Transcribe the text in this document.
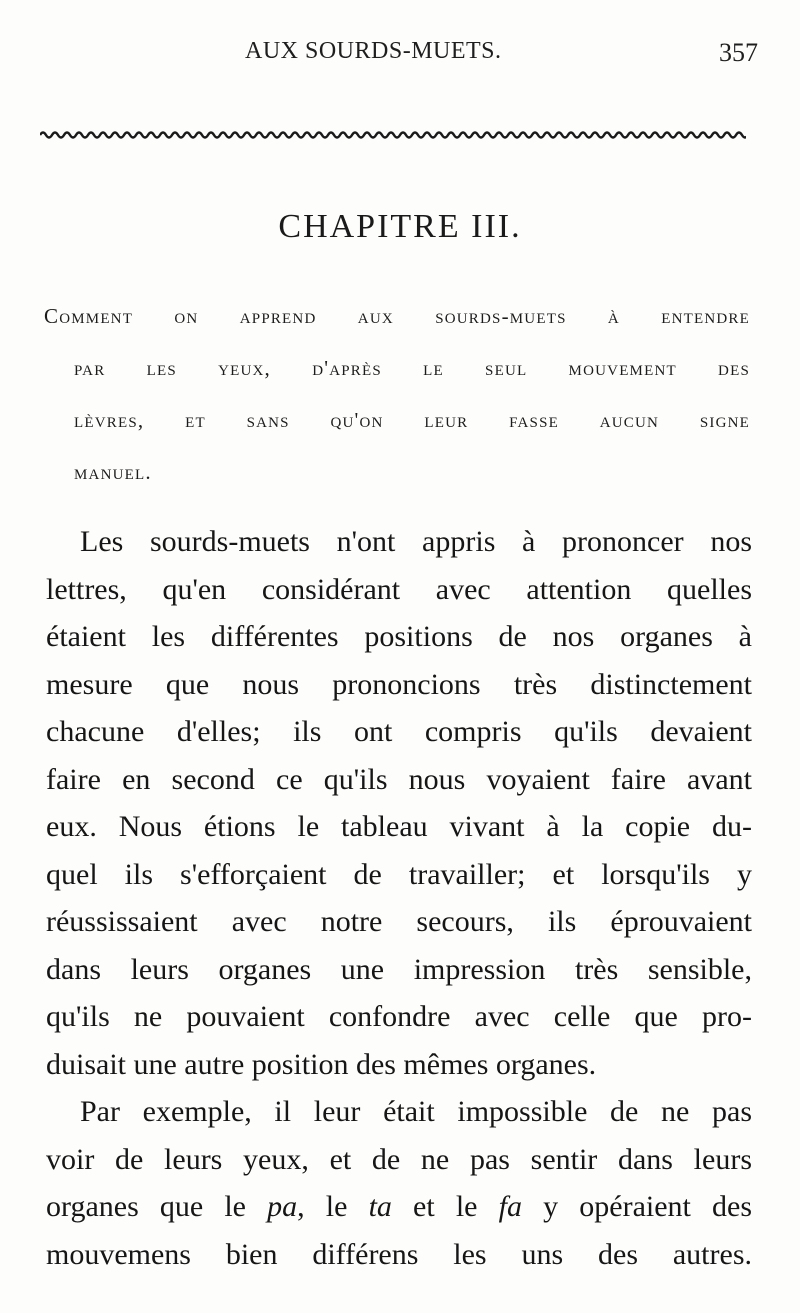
AUX SOURDS-MUETS.	357
CHAPITRE III.
Comment on apprend aux sourds-muets à entendre
par les yeux, d'après le seul mouvement des
lèvres, et sans qu'on leur fasse aucun signe
manuel.
Les sourds-muets n'ont appris à prononcer nos
lettres, qu'en considérant avec attention quelles
étaient les différentes positions de nos organes à
mesure que nous prononcions très distinctement
chacune d'elles; ils ont compris qu'ils devaient
faire en second ce qu'ils nous voyaient faire avant
eux. Nous étions le tableau vivant à la copie du-
quel ils s'efforçaient de travailler; et lorsqu'ils y
réussissaient avec notre secours, ils éprouvaient
dans leurs organes une impression très sensible,
qu'ils ne pouvaient confondre avec celle que pro-
duisait une autre position des mêmes organes.
Par exemple, il leur était impossible de ne pas
voir de leurs yeux, et de ne pas sentir dans leurs
organes que le pa, le ta et le fa y opéraient des
mouvemens bien différens les uns des autres.
